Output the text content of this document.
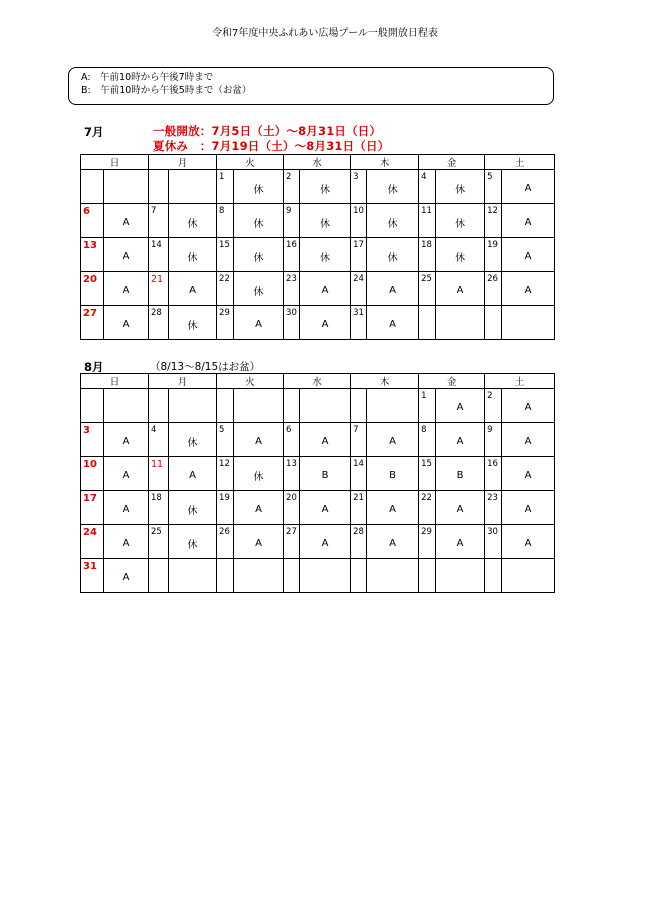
令和7年度中央ふれあい広場プール一般開放日程表
A:　午前10時から午後7時まで
B:　午前10時から午後5時まで（お盆）
7月	一般開放：7月5日（土）～8月31日（日）
夏休み　：7月19日（土）～8月31日（日）
日		月		火		水		木		金		土	
				1	休	2	休	3	休	4	休	5	A
6	A	7	休	8	休	9	休	10	休	11	休	12	A
13	A	14	休	15	休	16	休	17	休	18	休	19	A
20	A	21	A	22	休	23	A	24	A	25	A	26	A
27	A	28	休	29	A	30	A	31	A				
8月	（8/13～8/15はお盆）
日		月		火		水		木		金		土	
										1	A	2	A
3	A	4	休	5	A	6	A	7	A	8	A	9	A
10	A	11	A	12	休	13	B	14	B	15	B	16	A
17	A	18	休	19	A	20	A	21	A	22	A	23	A
24	A	25	休	26	A	27	A	28	A	29	A	30	A
31	A												
